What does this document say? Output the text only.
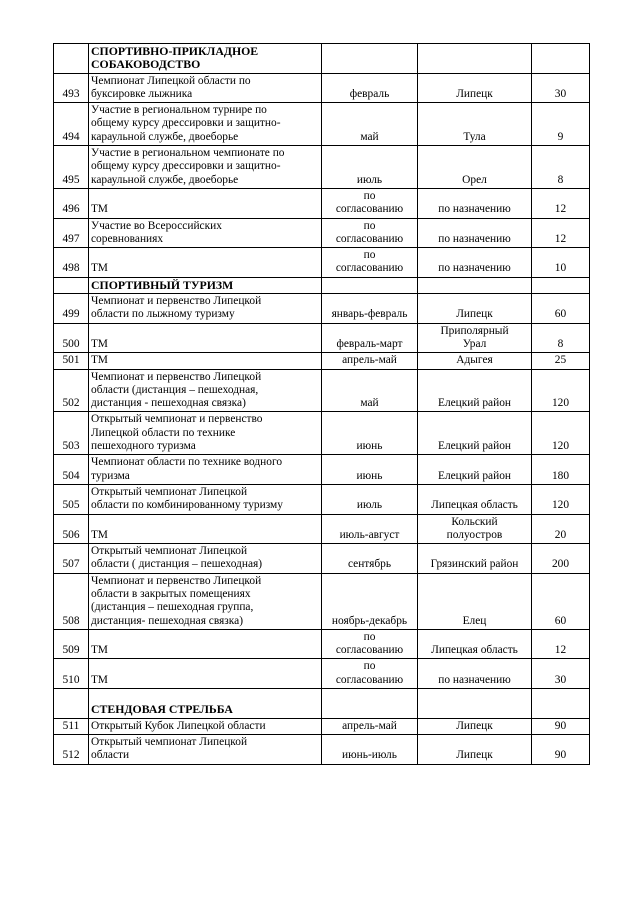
	СПОРТИВНО-ПРИКЛАДНОЕ
СОБАКОВОДСТВО			

493	Чемпионат Липецкой области по
буксировке лыжника	февраль	Липецк	30
494	Участие в региональном турнире по
общему курсу дрессировки и защитно-
караульной службе, двоеборье	май	Тула	9
495	Участие в региональном чемпионате по
общему курсу дрессировки и защитно-
караульной службе, двоеборье	июль	Орел	8
496	ТМ	по
согласованию	по назначению	12
497	Участие во Всероссийских
соревнованиях	по
согласованию	по назначению	12
498	ТМ	по
согласованию	по назначению	10

	СПОРТИВНЫЙ ТУРИЗМ			

499	Чемпионат и первенство Липецкой
области по лыжному туризму	январь-февраль	Липецк	60
500	ТМ	февраль-март	Приполярный
Урал	8
501	ТМ	апрель-май	Адыгея	25
502	Чемпионат и первенство Липецкой
области (дистанция – пешеходная,
дистанция - пешеходная связка)	май	Елецкий район	120
503	Открытый чемпионат и первенство
Липецкой области по технике
пешеходного туризма	июнь	Елецкий район	120
504	Чемпионат области по технике водного
туризма	июнь	Елецкий район	180
505	Открытый чемпионат Липецкой
области по комбинированному туризму	июль	Липецкая область	120
506	ТМ	июль-август	Кольский
полуостров	20
507	Открытый чемпионат Липецкой
области ( дистанция – пешеходная)	сентябрь	Грязинский район	200
508	Чемпионат и первенство Липецкой
области в закрытых помещениях
(дистанция – пешеходная группа,
дистанция- пешеходная связка)	ноябрь-декабрь	Елец	60
509	ТМ	по
согласованию	Липецкая область	12
510	ТМ	по
согласованию	по назначению	30

	СТЕНДОВАЯ СТРЕЛЬБА			

511	Открытый Кубок Липецкой области	апрель-май	Липецк	90
512	Открытый чемпионат Липецкой
области	июнь-июль	Липецк	90
